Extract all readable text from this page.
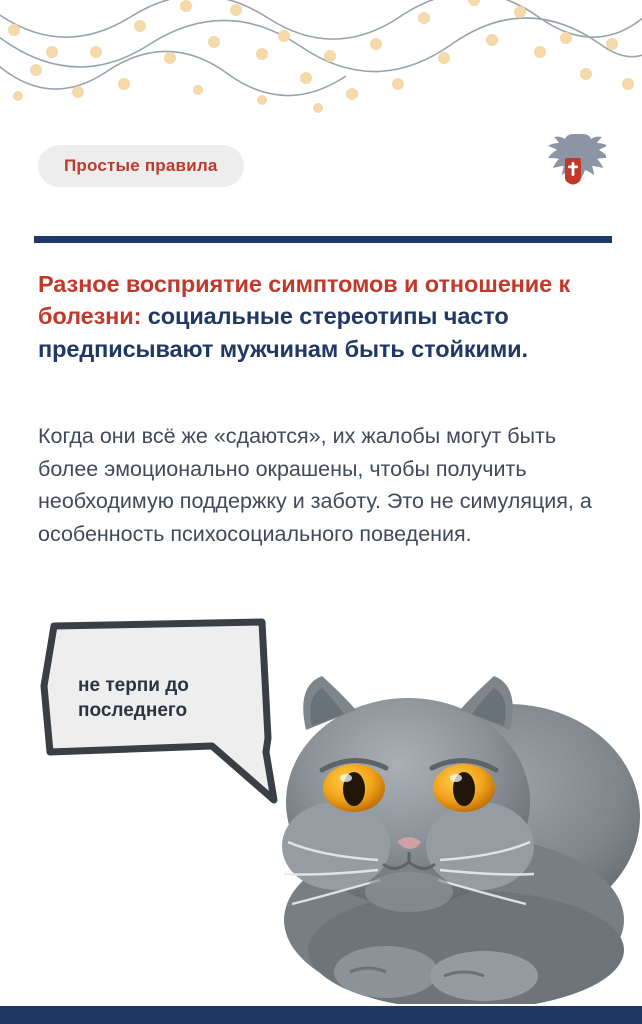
Простые правила
Разное восприятие симптомов и отношение к болезни: социальные стереотипы часто предписывают мужчинам быть стойкими.
Когда они всё же «сдаются», их жалобы могут быть более эмоционально окрашены, чтобы получить необходимую поддержку и заботу. Это не симуляция, а особенность психосоциального поведения.
не терпи до последнего
